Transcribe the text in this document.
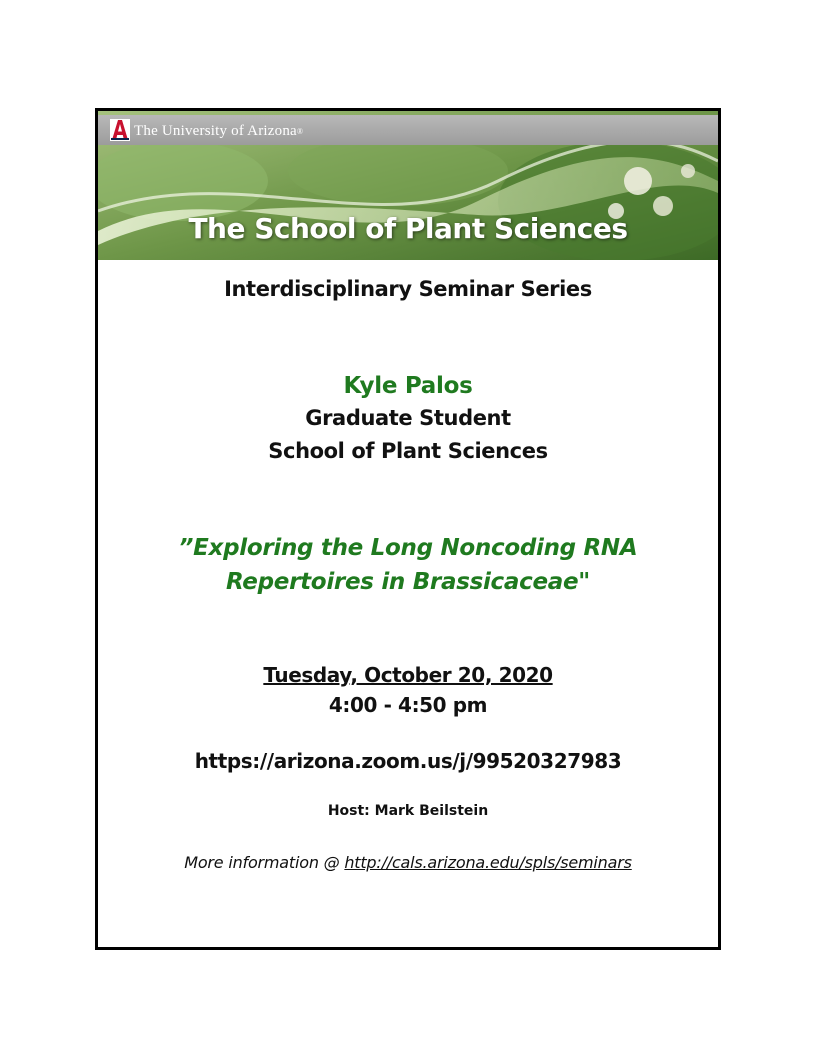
The University of Arizona®
The School of Plant Sciences
Interdisciplinary Seminar Series
Kyle Palos
Graduate Student
School of Plant Sciences
”Exploring the Long Noncoding RNA
Repertoires in Brassicaceae"
Tuesday, October 20, 2020
4:00 - 4:50 pm
https://arizona.zoom.us/j/99520327983
Host: Mark Beilstein
More information @ http://cals.arizona.edu/spls/seminars
